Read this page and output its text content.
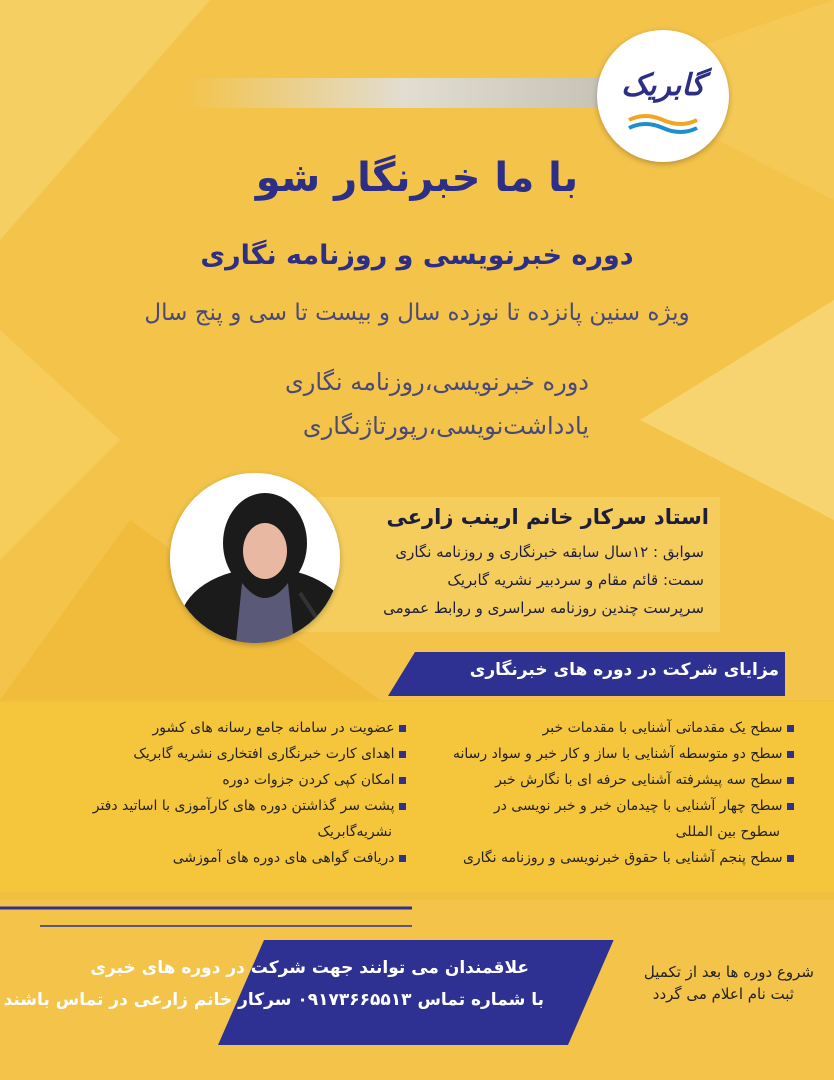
گابریک
با ما خبرنگار شو
دوره خبرنویسی و روزنامه نگاری
ویژه سنین پانزده تا نوزده سال و بیست تا سی و پنج سال
دوره خبرنویسی،روزنامه نگاری
یادداشت‌نویسی،رپورتاژنگاری
استاد سرکار خانم ارینب زارعی
سوابق : ۱۲سال سابقه خبرنگاری و روزنامه نگاری
سمت: قائم مقام و سردبیر نشریه گابریک
سرپرست چندین روزنامه سراسری و روابط عمومی
مزایای شرکت در دوره های خبرنگاری
سطح یک مقدماتی آشنایی با مقدمات خبر
سطح دو متوسطه آشنایی با ساز و کار خبر و سواد رسانه
سطح سه پیشرفته آشنایی حرفه ای با نگارش خبر
سطح چهار آشنایی با چیدمان خبر و خبر نویسی در
سطوح بین المللی
سطح پنجم آشنایی با حقوق خبرنویسی و روزنامه نگاری
عضویت در سامانه جامع رسانه های کشور
اهدای کارت خبرنگاری افتخاری نشریه گابریک
امکان کپی کردن جزوات دوره
پشت سر گذاشتن دوره های کارآموزی با اساتید دفتر
نشریه‌گابریک
دریافت گواهی های دوره های آموزشی
علاقمندان می توانند جهت شرکت در دوره های خبری
با شماره تماس ۰۹۱۷۳۶۶۵۵۱۳ سرکار خانم زارعی در تماس باشند
شروع دوره ها بعد از تکمیل
ثبت نام اعلام می گردد
